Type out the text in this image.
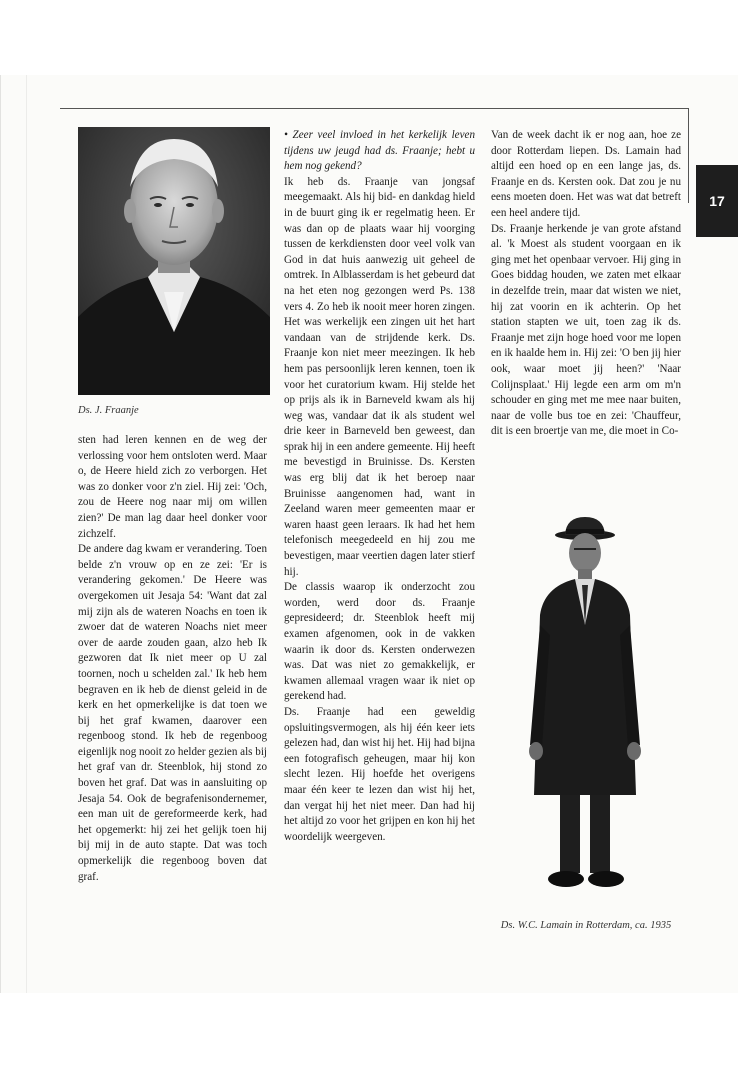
17
Ds. J. Fraanje

sten had leren kennen en de weg der verlossing voor hem ontsloten werd. Maar o, de Heere hield zich zo verborgen. Het was zo donker voor z'n ziel. Hij zei: 'Och, zou de Heere nog naar mij om willen zien?' De man lag daar heel donker voor zichzelf.

De andere dag kwam er verandering. Toen belde z'n vrouw op en ze zei: 'Er is verandering gekomen.' De Heere was overgekomen uit Jesaja 54: 'Want dat zal mij zijn als de wateren Noachs en toen ik zwoer dat de wateren Noachs niet meer over de aarde zouden gaan, alzo heb Ik gezworen dat Ik niet meer op U zal toornen, noch u schelden zal.' Ik heb hem begraven en ik heb de dienst geleid in de kerk en het opmerkelijke is dat toen we bij het graf kwamen, daarover een regenboog stond. Ik heb de regenboog eigenlijk nog nooit zo helder gezien als bij het graf van dr. Steenblok, hij stond zo boven het graf. Dat was in aansluiting op Jesaja 54. Ook de begrafenisondernemer, een man uit de gereformeerde kerk, had het opgemerkt: hij zei het gelijk toen hij bij mij in de auto stapte. Dat was toch opmerkelijk die regenboog boven dat graf.

• Zeer veel invloed in het kerkelijk leven tijdens uw jeugd had ds. Fraanje; hebt u hem nog gekend?

Ik heb ds. Fraanje van jongsaf meegemaakt. Als hij bid- en dankdag hield in de buurt ging ik er regelmatig heen. Er was dan op de plaats waar hij voorging tussen de kerkdiensten door veel volk van God in dat huis aanwezig uit geheel de omtrek. In Alblasserdam is het gebeurd dat na het eten nog gezongen werd Ps. 138 vers 4. Zo heb ik nooit meer horen zingen. Het was werkelijk een zingen uit het hart vandaan van de strijdende kerk. Ds. Fraanje kon niet meer meezingen. Ik heb hem pas persoonlijk leren kennen, toen ik voor het curatorium kwam. Hij stelde het op prijs als ik in Barneveld kwam als hij weg was, vandaar dat ik als student wel drie keer in Barneveld ben geweest, dan sprak hij in een andere gemeente. Hij heeft me bevestigd in Bruinisse. Ds. Kersten was erg blij dat ik het beroep naar Bruinisse aangenomen had, want in Zeeland waren meer gemeenten maar er waren haast geen leraars. Ik had het hem telefonisch meegedeeld en hij zou me bevestigen, maar veertien dagen later stierf hij.

De classis waarop ik onderzocht zou worden, werd door ds. Fraanje gepresideerd; dr. Steenblok heeft mij examen afgenomen, ook in de vakken waarin ik door ds. Kersten onderwezen was. Dat was niet zo gemakkelijk, er kwamen allemaal vragen waar ik niet op gerekend had.

Ds. Fraanje had een geweldig opsluitingsvermogen, als hij één keer iets gelezen had, dan wist hij het. Hij had bijna een fotografisch geheugen, maar hij kon slecht lezen. Hij hoefde het overigens maar één keer te lezen dan wist hij het, dan vergat hij het niet meer. Dan had hij het altijd zo voor het grijpen en kon hij het woordelijk weergeven.

Van de week dacht ik er nog aan, hoe ze door Rotterdam liepen. Ds. Lamain had altijd een hoed op en een lange jas, ds. Fraanje en ds. Kersten ook. Dat zou je nu eens moeten doen. Het was wat dat betreft een heel andere tijd.

Ds. Fraanje herkende je van grote afstand al. 'k Moest als student voorgaan en ik ging met het openbaar vervoer. Hij ging in Goes biddag houden, we zaten met elkaar in dezelfde trein, maar dat wisten we niet, hij zat voorin en ik achterin. Op het station stapten we uit, toen zag ik ds. Fraanje met zijn hoge hoed voor me lopen en ik haalde hem in. Hij zei: 'O ben jij hier ook, waar moet jij heen?' 'Naar Colijnsplaat.' Hij legde een arm om m'n schouder en ging met me mee naar buiten, naar de volle bus toe en zei: 'Chauffeur, dit is een broertje van me, die moet in Co-

Ds. W.C. Lamain in Rotterdam, ca. 1935
